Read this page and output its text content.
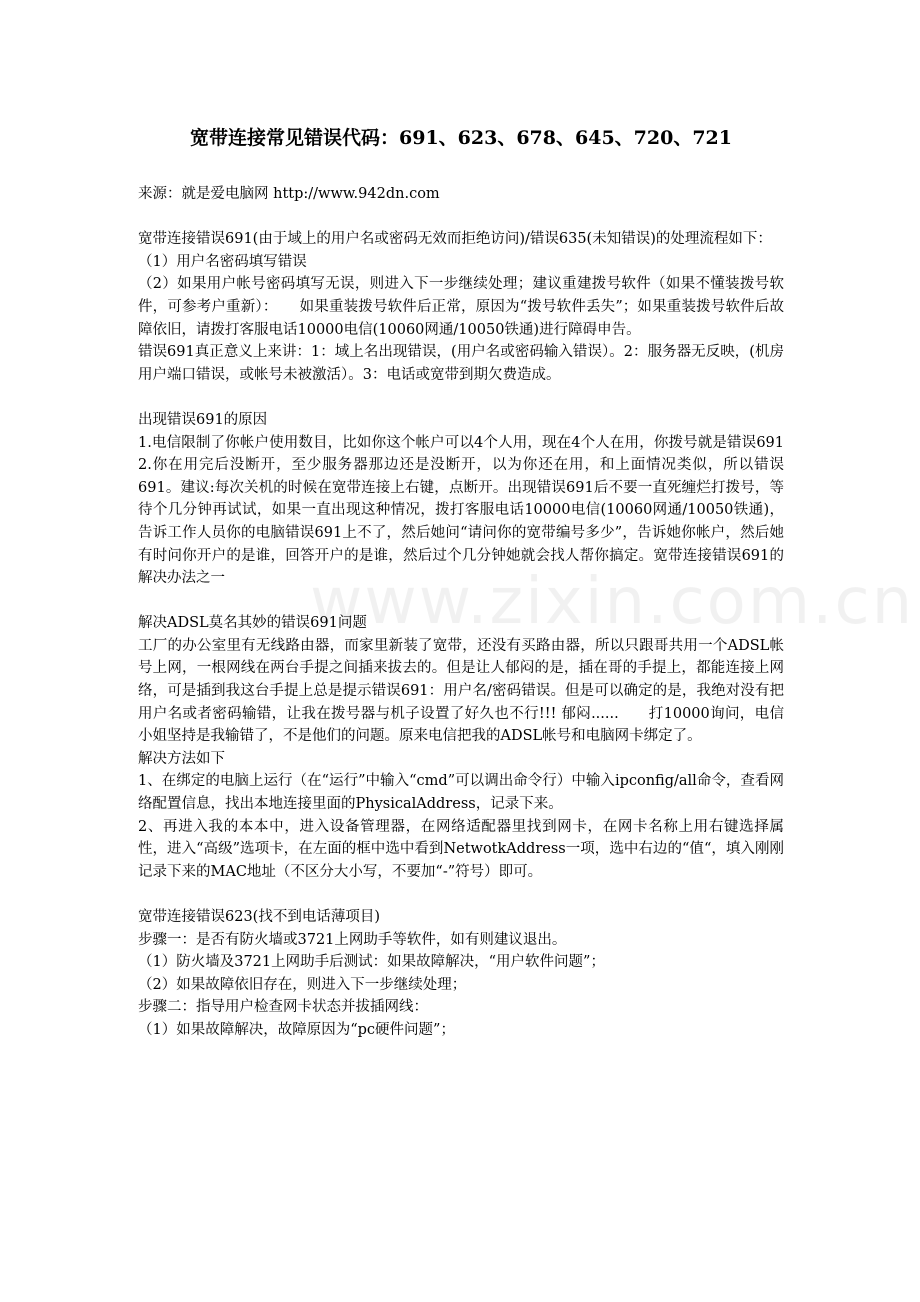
宽带连接常见错误代码：691、623、678、645、720、721

来源：就是爱电脑网 http://www.942dn.com

宽带连接错误691(由于域上的用户名或密码无效而拒绝访问)/错误635(未知错误)的处理流程如下：

（1）用户名密码填写错误

（2）如果用户帐号密码填写无误，则进入下一步继续处理；建议重建拨号软件（如果不懂装拨号软件，可参考户重新）：　　如果重装拨号软件后正常，原因为“拨号软件丢失”；如果重装拨号软件后故障依旧，请拨打客服电话10000电信(10060网通/10050铁通)进行障碍申告。

错误691真正意义上来讲：1：域上名出现错误，(用户名或密码输入错误）。2：服务器无反映，(机房用户端口错误，或帐号未被激活）。3：电话或宽带到期欠费造成。

出现错误691的原因

1.电信限制了你帐户使用数目，比如你这个帐户可以4个人用，现在4个人在用，你拨号就是错误691　　2.你在用完后没断开，至少服务器那边还是没断开，以为你还在用，和上面情况类似，所以错误691。建议:每次关机的时候在宽带连接上右键，点断开。出现错误691后不要一直死缠烂打拨号，等待个几分钟再试试，如果一直出现这种情况，拨打客服电话10000电信(10060网通/10050铁通)，告诉工作人员你的电脑错误691上不了，然后她问“请问你的宽带编号多少”，告诉她你帐户，然后她有时问你开户的是谁，回答开户的是谁，然后过个几分钟她就会找人帮你搞定。宽带连接错误691的解决办法之一

解决ADSL莫名其妙的错误691问题

工厂的办公室里有无线路由器，而家里新装了宽带，还没有买路由器，所以只跟哥共用一个ADSL帐号上网，一根网线在两台手提之间插来拔去的。但是让人郁闷的是，插在哥的手提上，都能连接上网络，可是插到我这台手提上总是提示错误691：用户名/密码错误。但是可以确定的是，我绝对没有把用户名或者密码输错，让我在拨号器与机子设置了好久也不行!!! 郁闷......　　打10000询问，电信小姐坚持是我输错了，不是他们的问题。原来电信把我的ADSL帐号和电脑网卡绑定了。

解决方法如下

1、在绑定的电脑上运行（在“运行”中输入“cmd”可以调出命令行）中输入ipconfig/all命令，查看网络配置信息，找出本地连接里面的PhysicalAddress，记录下来。

2、再进入我的本本中，进入设备管理器，在网络适配器里找到网卡，在网卡名称上用右键选择属性，进入“高级”选项卡，在左面的框中选中看到NetwotkAddress一项，选中右边的“值“，填入刚刚记录下来的MAC地址（不区分大小写，不要加“-”符号）即可。

宽带连接错误623(找不到电话薄项目)

步骤一：是否有防火墙或3721上网助手等软件，如有则建议退出。

（1）防火墙及3721上网助手后测试：如果故障解决，“用户软件问题”；

（2）如果故障依旧存在，则进入下一步继续处理；

步骤二：指导用户检查网卡状态并拔插网线：

（1）如果故障解决，故障原因为“pc硬件问题”；

www.zixin.com.cn
